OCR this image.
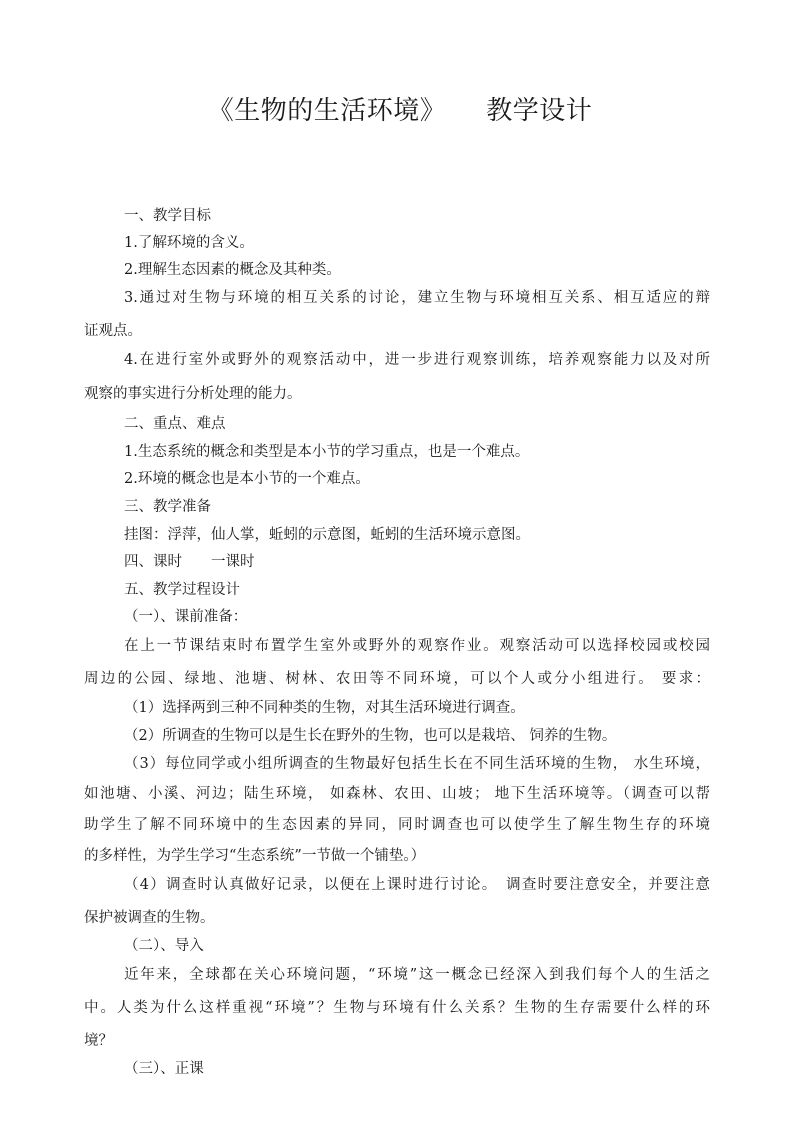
《生物的生活环境》　　教学设计
一、教学目标
1.了解环境的含义。
2.理解生态因素的概念及其种类。
3.通过对生物与环境的相互关系的讨论，建立生物与环境相互关系、相互适应的辩
证观点。
4.在进行室外或野外的观察活动中，进一步进行观察训练，培养观察能力以及对所
观察的事实进行分析处理的能力。
二、重点、难点
1.生态系统的概念和类型是本小节的学习重点，也是一个难点。
2.环境的概念也是本小节的一个难点。
三、教学准备
挂图：浮萍，仙人掌，蚯蚓的示意图，蚯蚓的生活环境示意图。
四、课时　　一课时
五、教学过程设计
（一）、课前准备：
在上一节课结束时布置学生室外或野外的观察作业。观察活动可以选择校园或校园
周边的公园、绿地、池塘、树林、农田等不同环境，可以个人或分小组进行。 要求：
（1）选择两到三种不同种类的生物，对其生活环境进行调查。
（2）所调查的生物可以是生长在野外的生物，也可以是栽培、 饲养的生物。
（3）每位同学或小组所调查的生物最好包括生长在不同生活环境的生物， 水生环境，
如池塘、小溪、河边；陆生环境， 如森林、农田、山坡； 地下生活环境等。（调查可以帮
助学生了解不同环境中的生态因素的异同，同时调查也可以使学生了解生物生存的环境
的多样性，为学生学习“生态系统”一节做一个铺垫。）
（4）调查时认真做好记录，以便在上课时进行讨论。　调查时要注意安全，并要注意
保护被调查的生物。
（二）、导入
近年来，全球都在关心环境问题，“环境”这一概念已经深入到我们每个人的生活之
中。人类为什么这样重视“环境”？生物与环境有什么关系？生物的生存需要什么样的环
境？
（三）、正课
